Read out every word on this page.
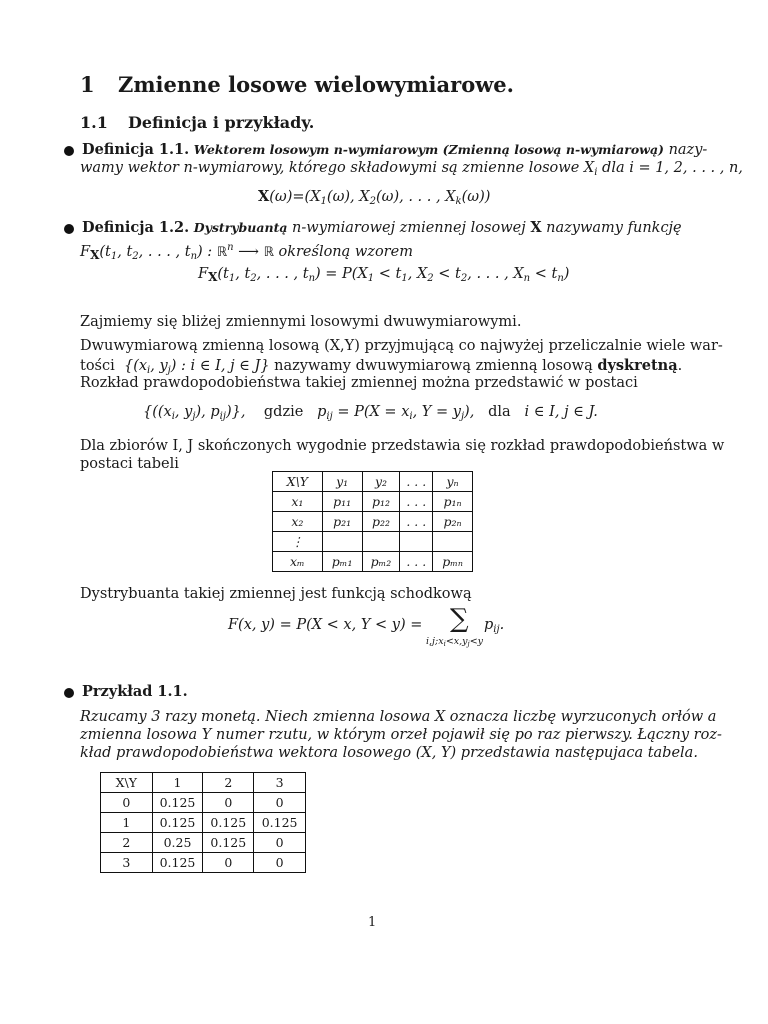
1 Zmienne losowe wielowymiarowe.
1.1 Definicja i przykłady.
Definicja 1.1. Wektorem losowym n-wymiarowym (Zmienną losową n-wymiarową) nazy-
wamy wektor n-wymiarowy, którego składowymi są zmienne losowe $X_i$ dla i = 1, 2, . . . , n,
$X(\omega)=(X_1(\omega)$, $X_2(\omega)$, . . . , $X_k(\omega)$)
Definicja 1.2. Dystrybuantą n-wymiarowej zmiennej losowej X nazywamy funkcję
$F_X(t_1$, $t_2$, . . . , $t_n$) : ℝ$^n$ ⟶ ℝ określoną wzorem
$F_X(t_1$, $t_2$, . . . , $t_n) = P(X_1 < t_1$, $X_2 < t_2$, . . . , $X_n < t_n$)
Zajmiemy się bliżej zmiennymi losowymi dwuwymiarowymi.
Dwuwymiarową zmienną losową (X,Y) przyjmującą co najwyżej przeliczalnie wiele war-
tości {($x_i$, $y_j$) : i ∈ I, j ∈ J} nazywamy dwuwymiarową zmienną losową dyskretną.
Rozkład prawdopodobieństwa takiej zmiennej można przedstawić w postaci
{(($x_i$, $y_j$), $p_{ij}$)},    gdzie   $p_{ij} = P(X = x_i$, $Y = y_j$),   dla   i ∈ I, j ∈ J.
Dla zbiorów I, J skończonych wygodnie przedstawia się rozkład prawdopodobieństwa w
postaci tabeli
X\Y	y₁	y₂	. . .	yₙ
x₁	p₁₁	p₁₂	. . .	p₁ₙ
x₂	p₂₁	p₂₂	. . .	p₂ₙ
⋮				
xₘ	pₘ₁	pₘ₂	. . .	pₘₙ
Dystrybuanta takiej zmiennej jest funkcją schodkową
F(x, y) = P(X < x, Y < y) = ∑
$i,j;x_i<x,y_j<y$
$p_{ij}$.
Przykład 1.1.
Rzucamy 3 razy monetą. Niech zmienna losowa X oznacza liczbę wyrzuconych orłów a
zmienna losowa Y numer rzutu, w którym orzeł pojawił się po raz pierwszy. Łączny roz-
kład prawdopodobieństwa wektora losowego (X, Y) przedstawia następujaca tabela.
X\Y	1	2	3
0	0.125	0	0
1	0.125	0.125	0.125
2	0.25	0.125	0
3	0.125	0	0
1
